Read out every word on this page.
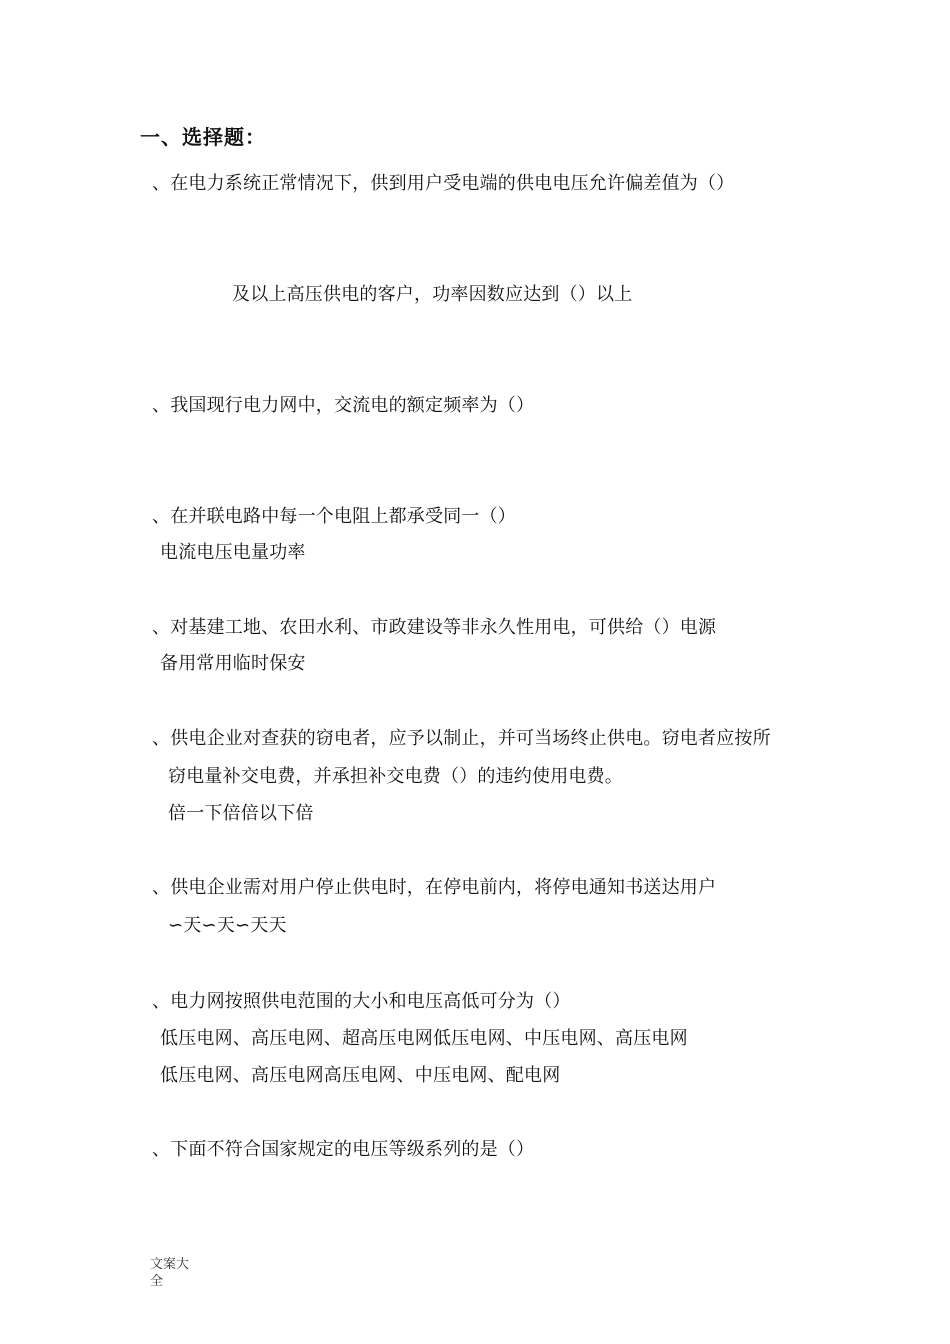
一、选择题：
、在电力系统正常情况下，供到用户受电端的供电电压允许偏差值为（）
及以上高压供电的客户，功率因数应达到（）以上
、我国现行电力网中，交流电的额定频率为（）
、在并联电路中每一个电阻上都承受同一（）
电流电压电量功率
、对基建工地、农田水利、市政建设等非永久性用电，可供给（）电源
备用常用临时保安
、供电企业对查获的窃电者，应予以制止，并可当场终止供电。窃电者应按所
窃电量补交电费，并承担补交电费（）的违约使用电费。
倍一下倍倍以下倍
、供电企业需对用户停止供电时，在停电前内，将停电通知书送达用户
∽天∽天∽天天
、电力网按照供电范围的大小和电压高低可分为（）
低压电网、高压电网、超高压电网低压电网、中压电网、高压电网
低压电网、高压电网高压电网、中压电网、配电网
、下面不符合国家规定的电压等级系列的是（）
文案大全
